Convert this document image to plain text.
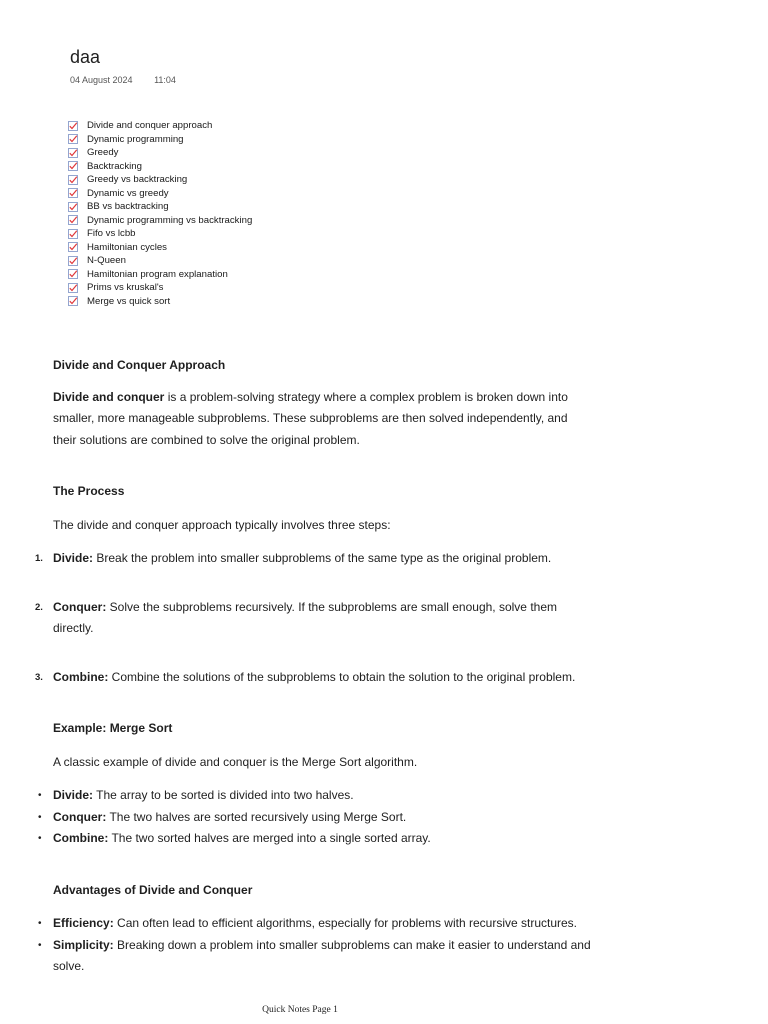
daa
04 August 2024 11:04
Divide and conquer approach
Dynamic programming
Greedy
Backtracking
Greedy vs backtracking
Dynamic vs greedy
BB vs backtracking
Dynamic programming vs backtracking
Fifo vs lcbb
Hamiltonian cycles
N-Queen
Hamiltonian program explanation
Prims vs kruskal's
Merge vs quick sort
Divide and Conquer Approach

Divide and conquer is a problem-solving strategy where a complex problem is broken down into
smaller, more manageable subproblems. These subproblems are then solved independently, and
their solutions are combined to solve the original problem.

The Process

The divide and conquer approach typically involves three steps:

1. Divide: Break the problem into smaller subproblems of the same type as the original problem.
2. Conquer: Solve the subproblems recursively. If the subproblems are small enough, solve them
directly.
3. Combine: Combine the solutions of the subproblems to obtain the solution to the original problem.
Example: Merge Sort

A classic example of divide and conquer is the Merge Sort algorithm.

• Divide: The array to be sorted is divided into two halves.
• Conquer: The two halves are sorted recursively using Merge Sort.
• Combine: The two sorted halves are merged into a single sorted array.
Advantages of Divide and Conquer
• Efficiency: Can often lead to efficient algorithms, especially for problems with recursive structures.
• Simplicity: Breaking down a problem into smaller subproblems can make it easier to understand and
solve.
Quick Notes Page 1
